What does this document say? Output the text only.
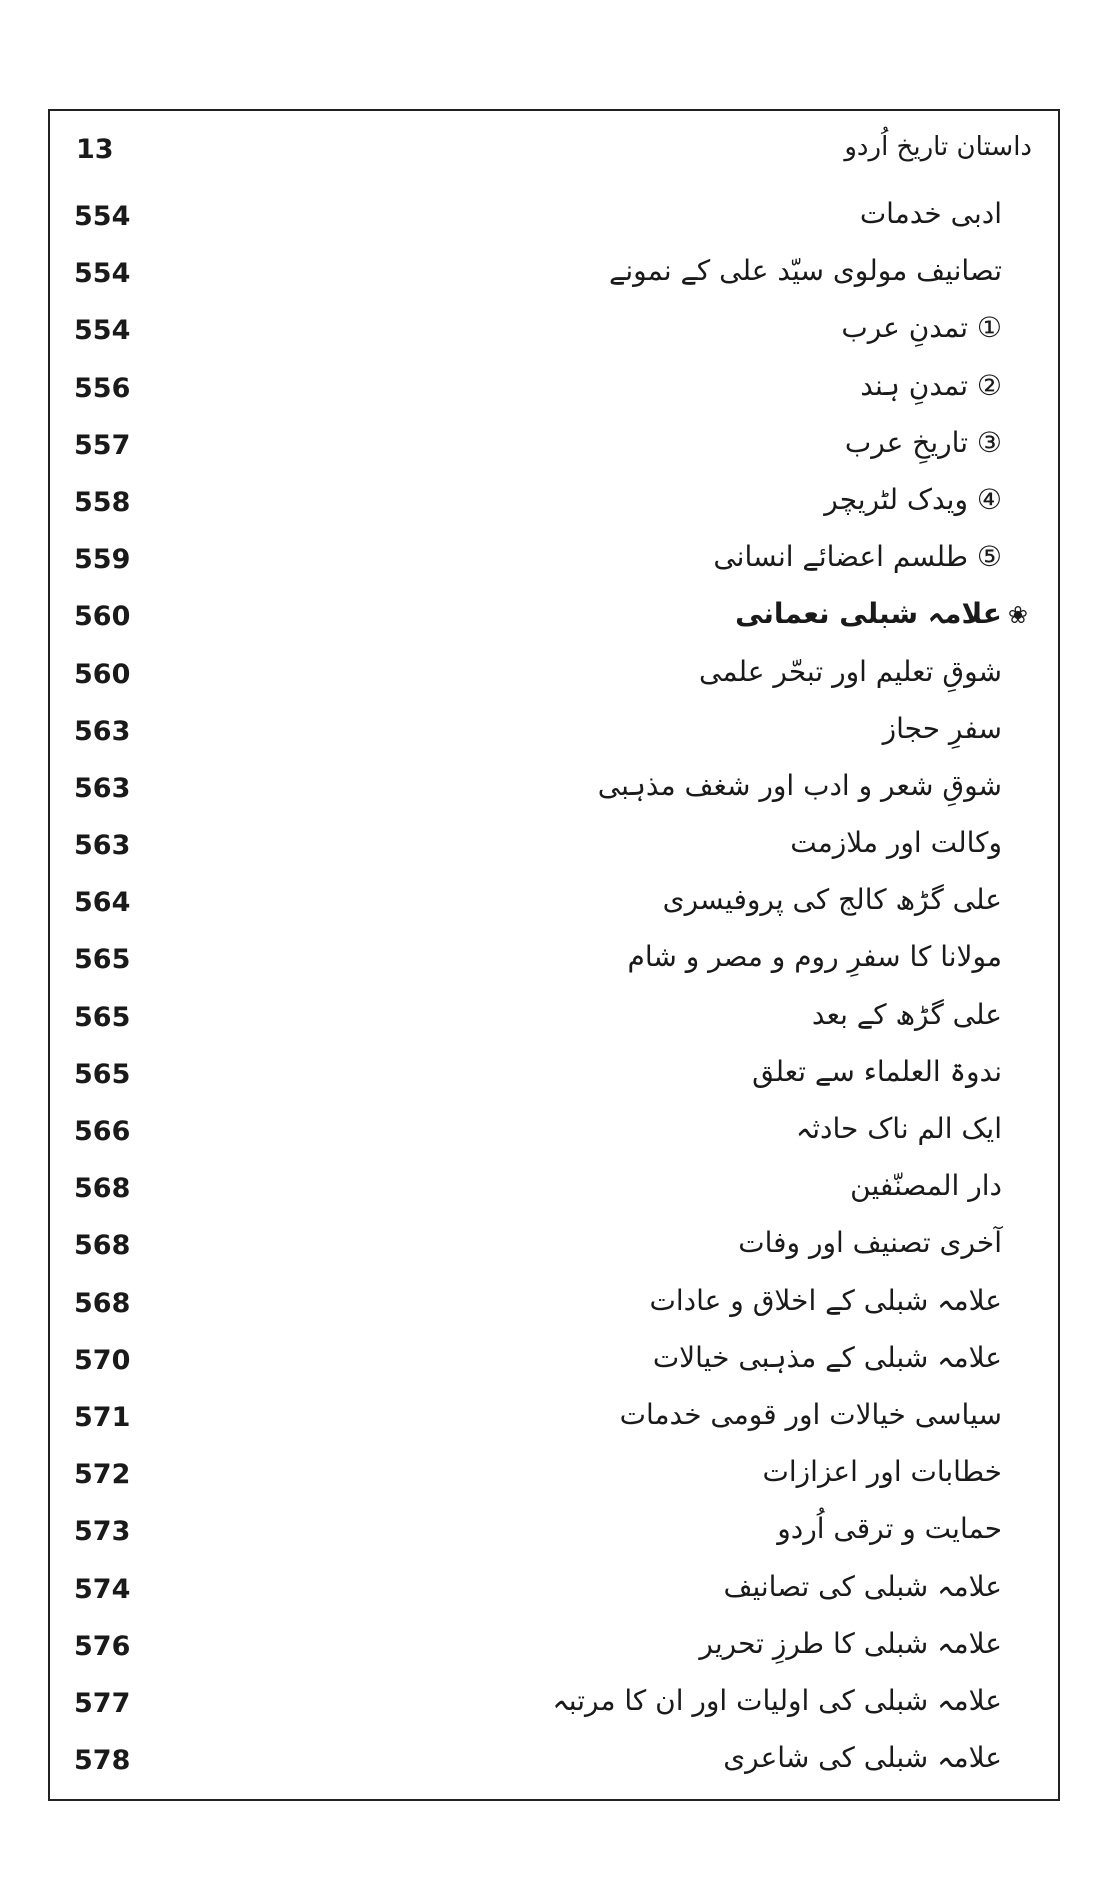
13	داستان تاریخ اُردو
554	ادبی خدمات
554	تصانیف مولوی سیّد علی کے نمونے
554	① تمدنِ عرب
556	② تمدنِ ہند
557	③ تاریخِ عرب
558	④ ویدک لٹریچر
559	⑤ طلسم اعضائے انسانی
560	❀علامہ شبلی نعمانی
560	شوقِ تعلیم اور تبحّر علمی
563	سفرِ حجاز
563	شوقِ شعر و ادب اور شغف مذہبی
563	وکالت اور ملازمت
564	علی گڑھ کالج کی پروفیسری
565	مولانا کا سفرِ روم و مصر و شام
565	علی گڑھ کے بعد
565	ندوۃ العلماء سے تعلق
566	ایک الم ناک حادثہ
568	دار المصنّفین
568	آخری تصنیف اور وفات
568	علامہ شبلی کے اخلاق و عادات
570	علامہ شبلی کے مذہبی خیالات
571	سیاسی خیالات اور قومی خدمات
572	خطابات اور اعزازات
573	حمایت و ترقی اُردو
574	علامہ شبلی کی تصانیف
576	علامہ شبلی کا طرزِ تحریر
577	علامہ شبلی کی اولیات اور ان کا مرتبہ
578	علامہ شبلی کی شاعری
